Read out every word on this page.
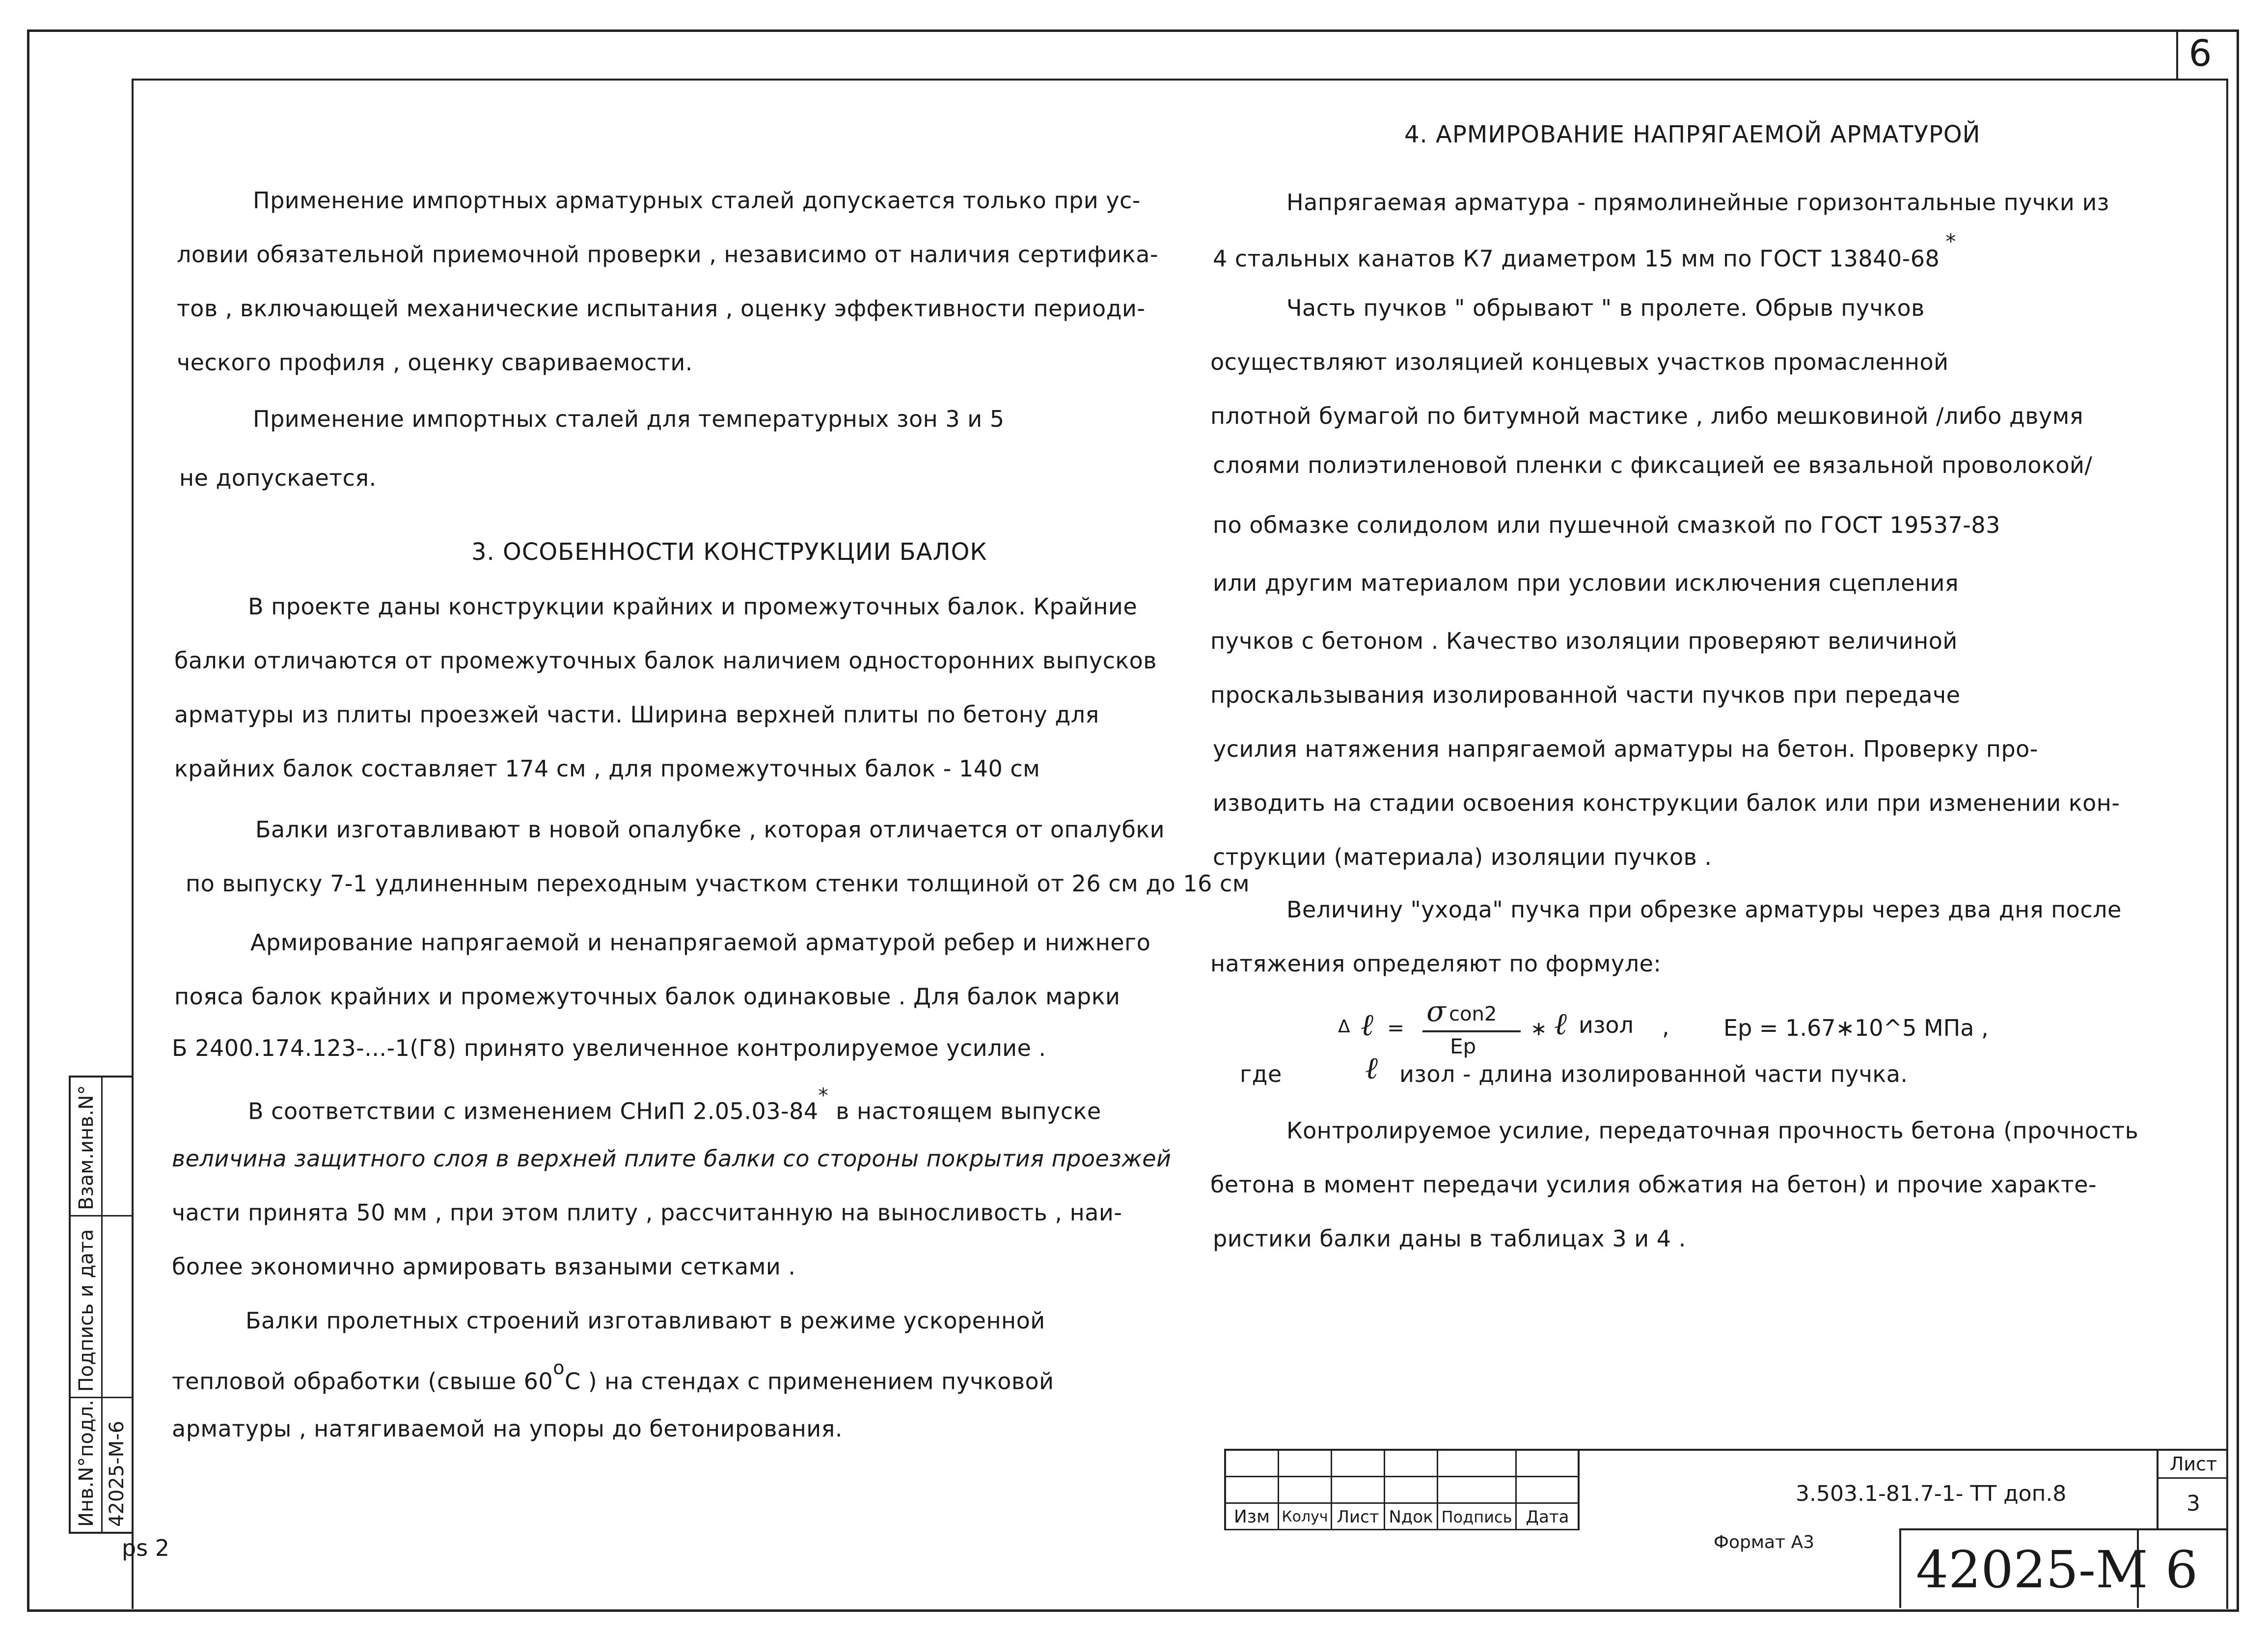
6
Применение импортных арматурных сталей допускается только при ус-
ловии обязательной приемочной проверки , независимо от наличия сертифика-
тов , включающей механические испытания , оценку эффективности периоди-
ческого профиля , оценку свариваемости.
Применение импортных сталей для температурных зон 3 и 5
не допускается.
3. ОСОБЕННОСТИ КОНСТРУКЦИИ БАЛОК
В проекте даны конструкции крайних и промежуточных балок. Крайние
балки отличаются от промежуточных балок наличием односторонних выпусков
арматуры из плиты проезжей части. Ширина верхней плиты по бетону для
крайних балок составляет 174 см , для промежуточных балок - 140 см
Балки изготавливают в новой опалубке , которая отличается от опалубки
по выпуску 7-1 удлиненным переходным участком стенки толщиной от 26 см до 16 см
Армирование напрягаемой и ненапрягаемой арматурой ребер и нижнего
пояса балок крайних и промежуточных балок одинаковые . Для балок марки
Б 2400.174.123-...-1(Г8) принято увеличенное контролируемое усилие .
В соответствии с изменением СНиП 2.05.03-84* в настоящем выпуске
величина защитного слоя в верхней плите балки со стороны покрытия проезжей
части принята 50 мм , при этом плиту , рассчитанную на выносливость , наи-
более экономично армировать вязаными сетками .
Балки пролетных строений изготавливают в режиме ускоренной
тепловой обработки (свыше 60$^o$С ) на стендах с применением пучковой
арматуры , натягиваемой на упоры до бетонирования.
4. АРМИРОВАНИЕ НАПРЯГАЕМОЙ АРМАТУРОЙ
Напрягаемая арматура - прямолинейные горизонтальные пучки из
4 стальных канатов К7 диаметром 15 мм по ГОСТ 13840-68*
Часть пучков " обрывают " в пролете. Обрыв пучков
осуществляют изоляцией концевых участков промасленной
плотной бумагой по битумной мастике , либо мешковиной /либо двумя
слоями полиэтиленовой пленки с фиксацией ее вязальной проволокой/
по обмазке солидолом или пушечной смазкой по ГОСТ 19537-83
или другим материалом при условии исключения сцепления
пучков с бетоном . Качество изоляции проверяют величиной
проскальзывания изолированной части пучков при передаче
усилия натяжения напрягаемой арматуры на бетон. Проверку про-
изводить на стадии освоения конструкции балок или при изменении кон-
струкции (материала) изоляции пучков .
Величину "ухода" пучка при обрезке арматуры через два дня после
натяжения определяют по формуле:
Δ ℓ = σ con2
Ep
∗ ℓ изол , Ep = 1.67∗10^5 МПа ,
где	ℓ изол - длина изолированной части пучка.
Контролируемое усилие, передаточная прочность бетона (прочность
бетона в момент передачи усилия обжатия на бетон) и прочие характе-
ристики балки даны в таблицах 3 и 4 .
Инв.N°подл.
Подпись и дата
Взам.инв.N°
42025-М-6	Изм Колуч Лист Nдок Подпись Дата
3.503.1-81.7-1- ТТ доп.8
Лист
3
Формат А3 42025-М 6
ps 2
